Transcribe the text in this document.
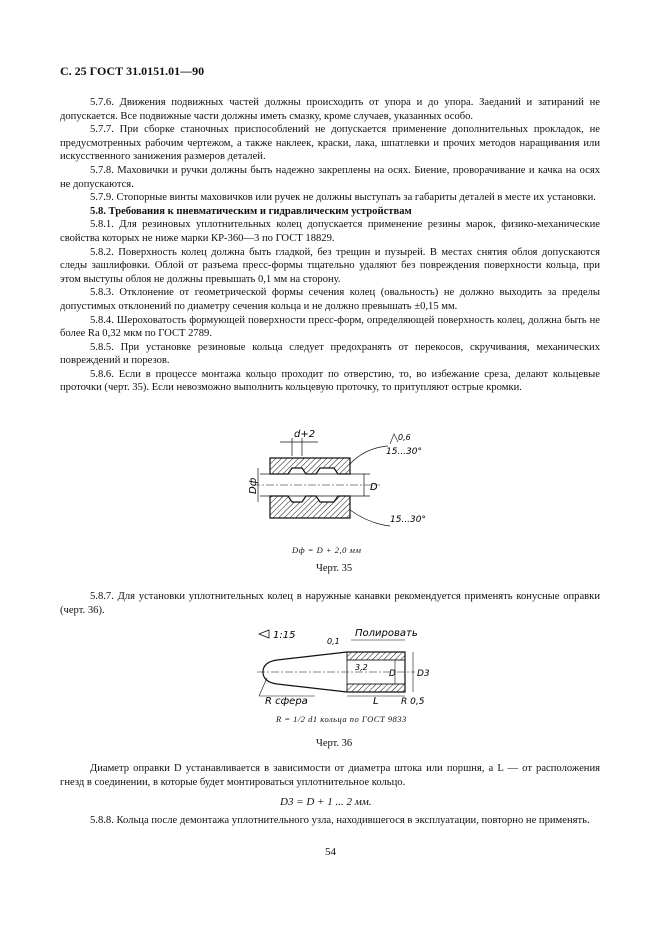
С. 25 ГОСТ 31.0151.01—90

5.7.6. Движения подвижных частей должны происходить от упора и до упора. Заеданий и затираний не допускается. Все подвижные части должны иметь смазку, кроме случаев, указанных особо.

5.7.7. При сборке станочных приспособлений не допускается применение дополнительных прокладок, не предусмотренных рабочим чертежом, а также наклеек, краски, лака, шпатлевки и прочих методов наращивания или искусственного занижения размеров деталей.

5.7.8. Маховички и ручки должны быть надежно закреплены на осях. Биение, проворачивание и качка на осях не допускаются.

5.7.9. Стопорные винты маховичков или ручек не должны выступать за габариты деталей в месте их установки.

5.8. Требования к пневматическим и гидравлическим устройствам

5.8.1. Для резиновых уплотнительных колец допускается применение резины марок, физико-механические свойства которых не ниже марки КР-360—3 по ГОСТ 18829.

5.8.2. Поверхность колец должна быть гладкой, без трещин и пузырей. В местах снятия облоя допускаются следы зашлифовки. Облой от разъема пресс-формы тщательно удаляют без повреждения поверхности кольца, при этом выступы облоя не должны превышать 0,1 мм на сторону.

5.8.3. Отклонение от геометрической формы сечения колец (овальность) не должно выходить за пределы допустимых отклонений по диаметру сечения кольца и не должно превышать ±0,15 мм.

5.8.4. Шероховатость формующей поверхности пресс-форм, определяющей поверхность колец, должна быть не более Ra 0,32 мкм по ГОСТ 2789.

5.8.5. При установке резиновые кольца следует предохранять от перекосов, скручивания, механических повреждений и порезов.

5.8.6. Если в процессе монтажа кольцо проходит по отверстию, то, во избежание среза, делают кольцевые проточки (черт. 35). Если невозможно выполнить кольцевую проточку, то притупляют острые кромки.

d+2
Dф	D
15...30°
15...30°
0,6
Dф = D + 2,0 мм
Черт. 35

5.8.7. Для установки уплотнительных колец в наружные канавки рекомендуется применять конусные оправки (черт. 36).

1:15	Полировать
0,1
3,2
D D3
L
R сфера	R 0,5
R = 1/2 d1 кольца по ГОСТ 9833
Черт. 36

Диаметр оправки D устанавливается в зависимости от диаметра штока или поршня, а L — от расположения гнезд в соединении, в которые будет монтироваться уплотнительное кольцо.

D3 = D + 1 ... 2 мм.

5.8.8. Кольца после демонтажа уплотнительного узла, находившегося в эксплуатации, повторно не применять.

54
